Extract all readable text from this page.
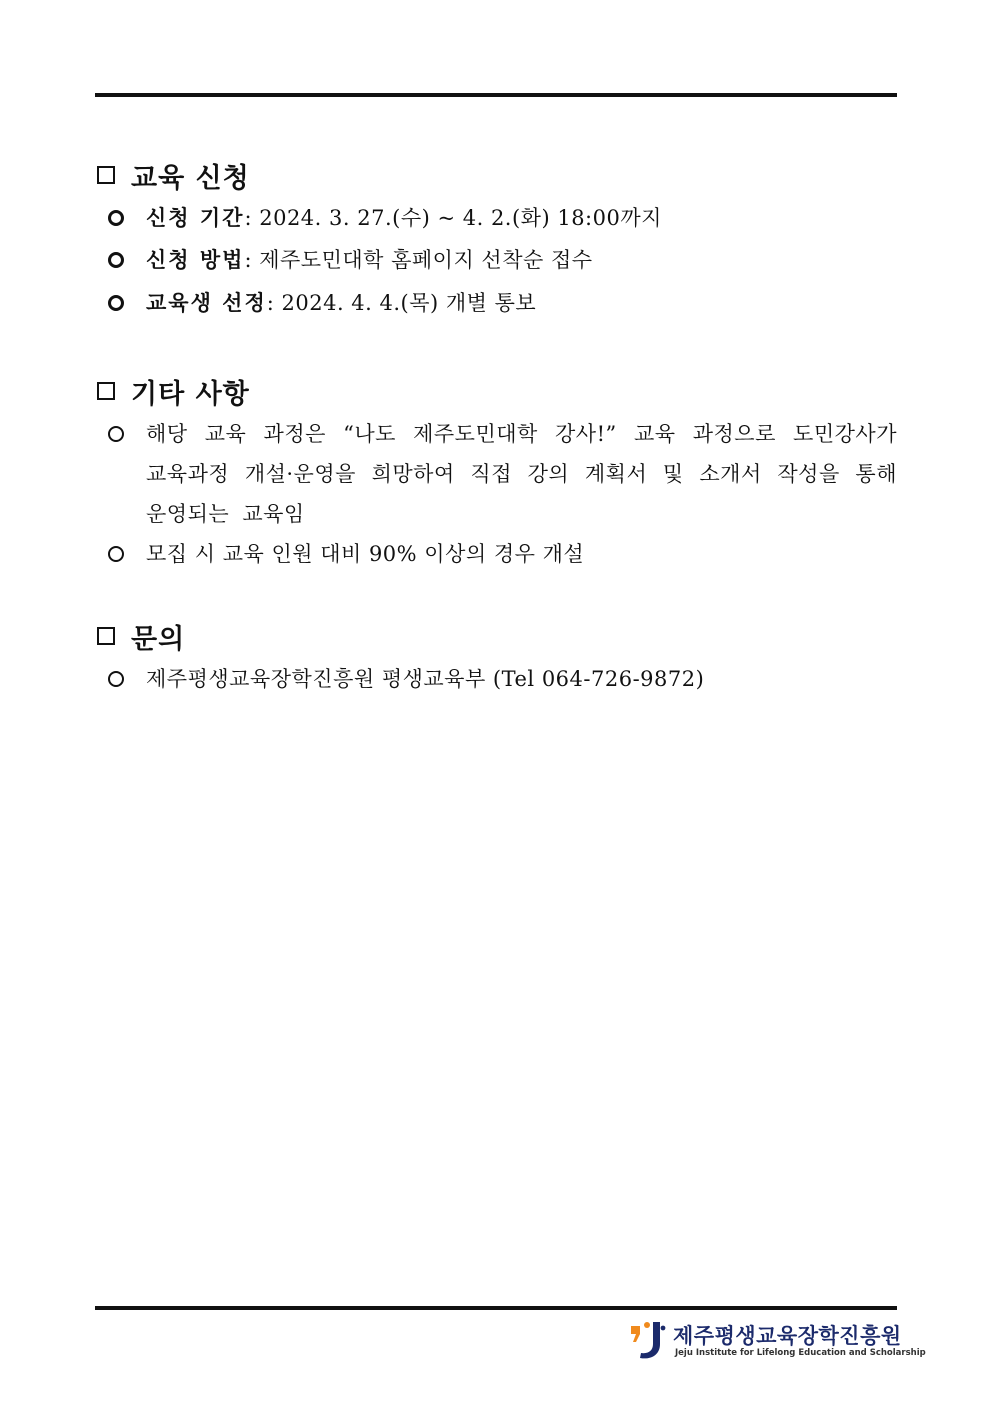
교육 신청
신청 기간: 2024. 3. 27.(수) ~ 4. 2.(화) 18:00까지
신청 방법: 제주도민대학 홈페이지 선착순 접수
교육생 선정: 2024. 4. 4.(목) 개별 통보
기타 사항
해당 교육 과정은 “나도 제주도민대학 강사!” 교육 과정으로 도민강사가 교육과정 개설·운영을 희망하여 직접 강의 계획서 및 소개서 작성을 통해 운영되는 교육임
모집 시 교육 인원 대비 90% 이상의 경우 개설
문의
제주평생교육장학진흥원 평생교육부 (Tel 064-726-9872)
제주평생교육장학진흥원
Jeju Institute for Lifelong Education and Scholarship
